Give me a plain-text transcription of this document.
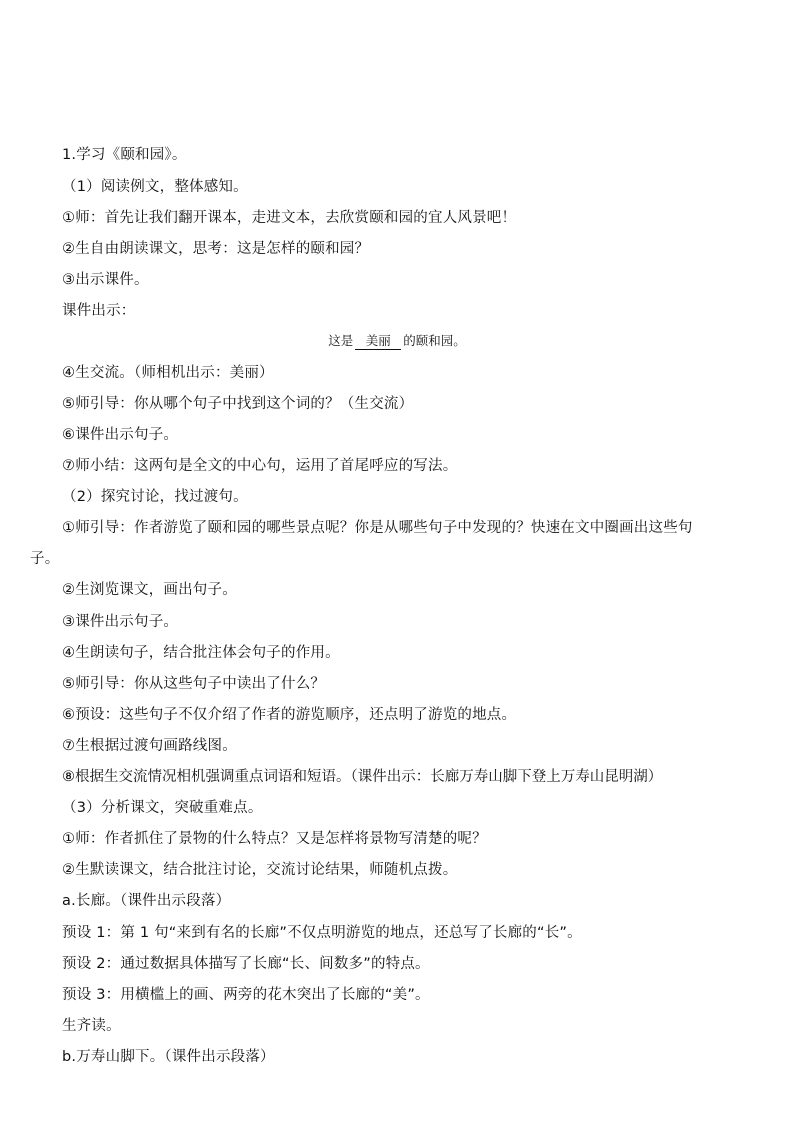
1.学习《颐和园》。
（1）阅读例文，整体感知。
①师：首先让我们翻开课本，走进文本，去欣赏颐和园的宜人风景吧！
②生自由朗读课文，思考：这是怎样的颐和园？
③出示课件。
课件出示：
这是 美丽 的颐和园。
④生交流。（师相机出示：美丽）
⑤师引导：你从哪个句子中找到这个词的？（生交流）
⑥课件出示句子。
⑦师小结：这两句是全文的中心句，运用了首尾呼应的写法。
（2）探究讨论，找过渡句。
①师引导：作者游览了颐和园的哪些景点呢？你是从哪些句子中发现的？快速在文中圈画出这些句
子。
②生浏览课文，画出句子。
③课件出示句子。
④生朗读句子，结合批注体会句子的作用。
⑤师引导：你从这些句子中读出了什么？
⑥预设：这些句子不仅介绍了作者的游览顺序，还点明了游览的地点。
⑦生根据过渡句画路线图。
⑧根据生交流情况相机强调重点词语和短语。（课件出示：长廊万寿山脚下登上万寿山昆明湖）
（3）分析课文，突破重难点。
①师：作者抓住了景物的什么特点？又是怎样将景物写清楚的呢？
②生默读课文，结合批注讨论，交流讨论结果，师随机点拨。
a.长廊。（课件出示段落）
预设 1：第 1 句“来到有名的长廊”不仅点明游览的地点，还总写了长廊的“长”。
预设 2：通过数据具体描写了长廊“长、间数多”的特点。
预设 3：用横槛上的画、两旁的花木突出了长廊的“美”。
生齐读。
b.万寿山脚下。（课件出示段落）
